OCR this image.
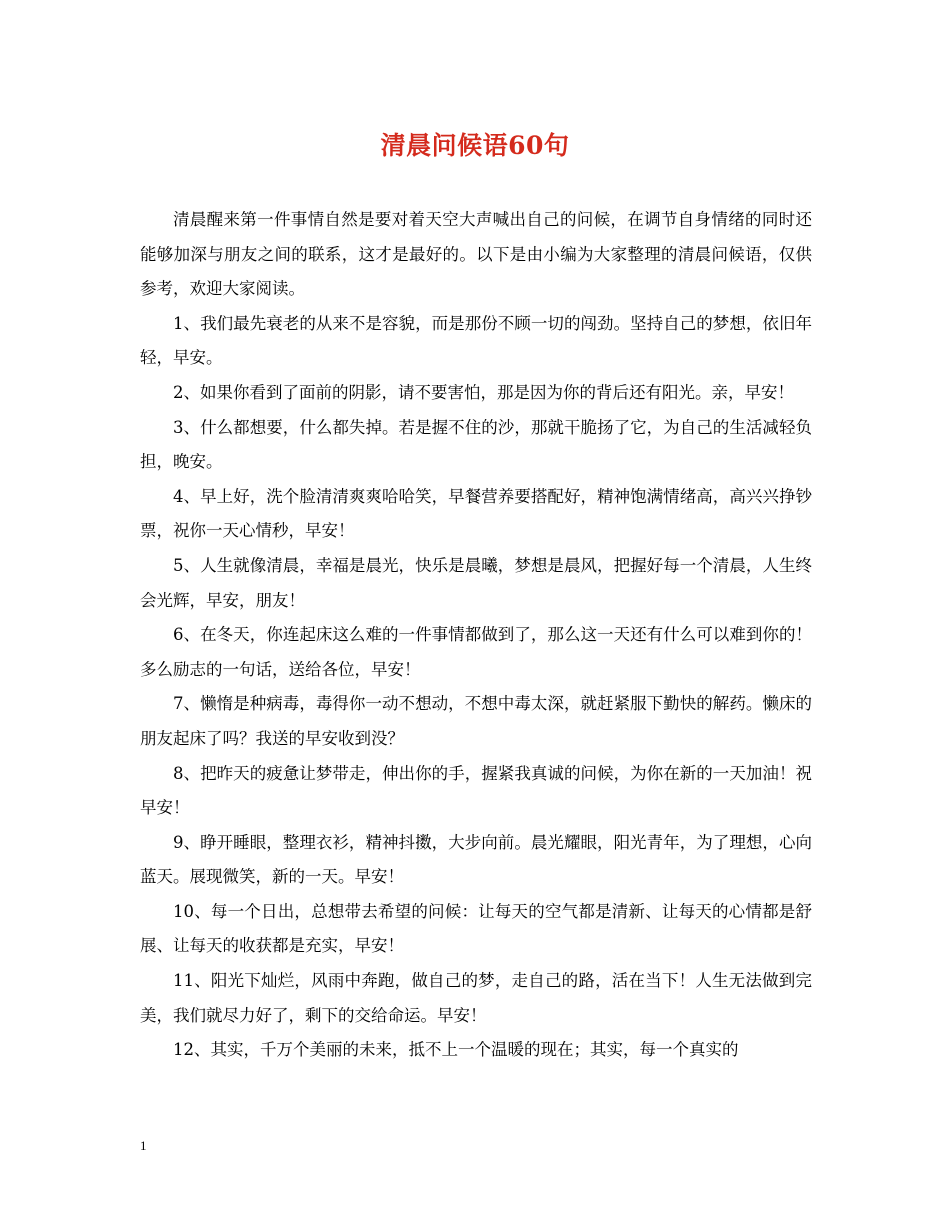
清晨问候语60句

清晨醒来第一件事情自然是要对着天空大声喊出自己的问候，在调节自身情绪的同时还能够加深与朋友之间的联系，这才是最好的。以下是由小编为大家整理的清晨问候语，仅供参考，欢迎大家阅读。

1、我们最先衰老的从来不是容貌，而是那份不顾一切的闯劲。坚持自己的梦想，依旧年轻，早安。

2、如果你看到了面前的阴影，请不要害怕，那是因为你的背后还有阳光。亲，早安！

3、什么都想要，什么都失掉。若是握不住的沙，那就干脆扬了它，为自己的生活减轻负担，晚安。

4、早上好，洗个脸清清爽爽哈哈笑，早餐营养要搭配好，精神饱满情绪高，高兴兴挣钞票，祝你一天心情秒，早安！

5、人生就像清晨，幸福是晨光，快乐是晨曦，梦想是晨风，把握好每一个清晨，人生终会光辉，早安，朋友！

6、在冬天，你连起床这么难的一件事情都做到了，那么这一天还有什么可以难到你的！多么励志的一句话，送给各位，早安！

7、懒惰是种病毒，毒得你一动不想动，不想中毒太深，就赶紧服下勤快的解药。懒床的朋友起床了吗？我送的早安收到没？

8、把昨天的疲惫让梦带走，伸出你的手，握紧我真诚的问候，为你在新的一天加油！祝早安！

9、睁开睡眼，整理衣衫，精神抖擞，大步向前。晨光耀眼，阳光青年，为了理想，心向蓝天。展现微笑，新的一天。早安！

10、每一个日出，总想带去希望的问候：让每天的空气都是清新、让每天的心情都是舒展、让每天的收获都是充实，早安！

11、阳光下灿烂，风雨中奔跑，做自己的梦，走自己的路，活在当下！人生无法做到完美，我们就尽力好了，剩下的交给命运。早安！

12、其实，千万个美丽的未来，抵不上一个温暖的现在；其实，每一个真实的

1
